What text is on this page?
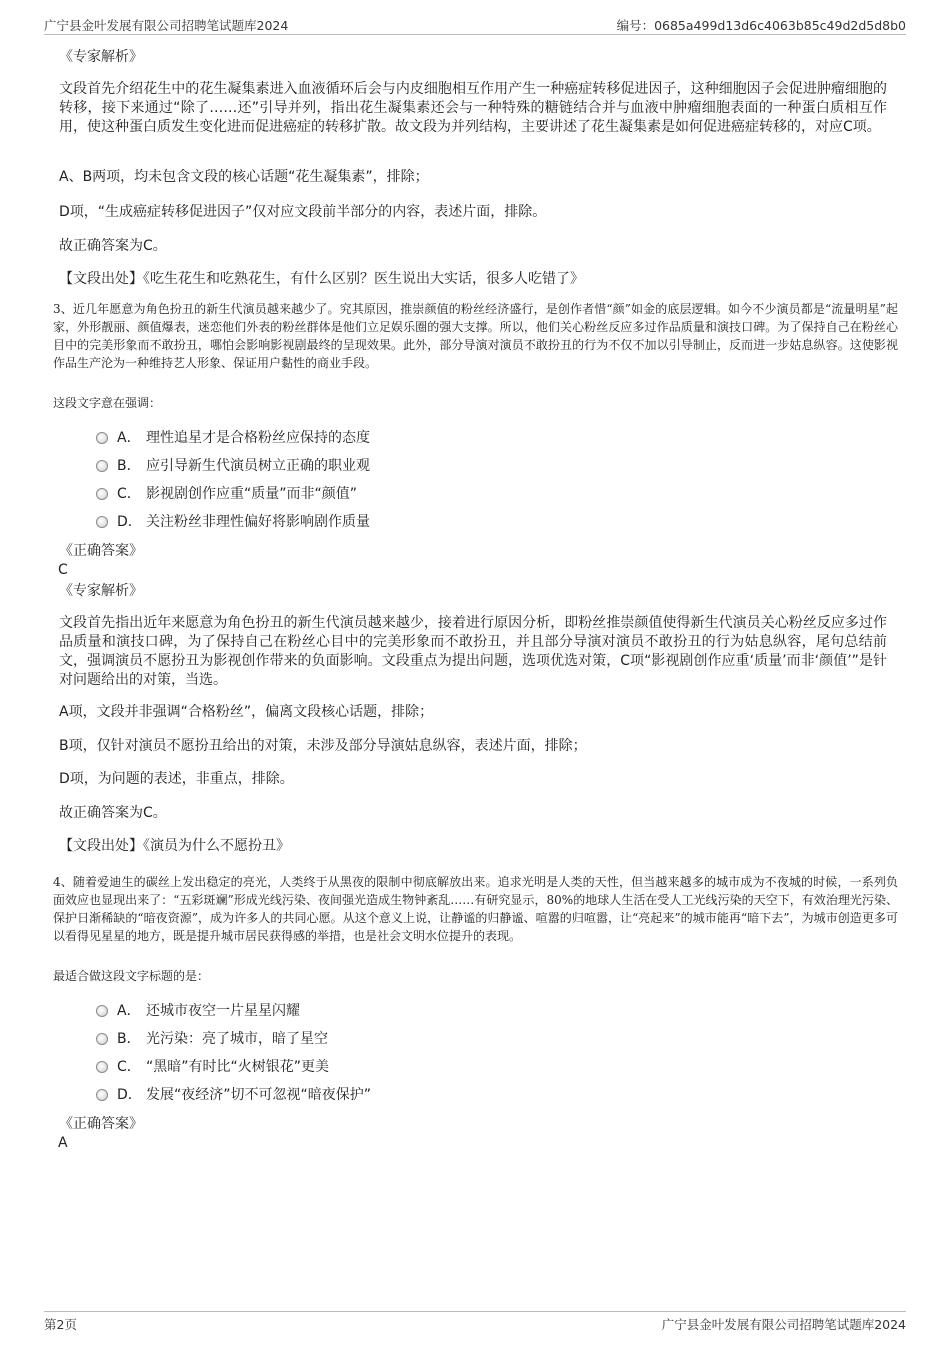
广宁县金叶发展有限公司招聘笔试题库2024	编号：0685a499d13d6c4063b85c49d2d5d8b0
《专家解析》
文段首先介绍花生中的花生凝集素进入血液循环后会与内皮细胞相互作用产生一种癌症转移促进因子，这种细胞因子会促进肿瘤细胞的转移，接下来通过“除了……还”引导并列，指出花生凝集素还会与一种特殊的糖链结合并与血液中肿瘤细胞表面的一种蛋白质相互作用，使这种蛋白质发生变化进而促进癌症的转移扩散。故文段为并列结构，主要讲述了花生凝集素是如何促进癌症转移的，对应C项。
A、B两项，均未包含文段的核心话题“花生凝集素”，排除；
D项，“生成癌症转移促进因子”仅对应文段前半部分的内容，表述片面，排除。
故正确答案为C。
【文段出处】《吃生花生和吃熟花生，有什么区别？医生说出大实话，很多人吃错了》
3、近几年愿意为角色扮丑的新生代演员越来越少了。究其原因，推崇颜值的粉丝经济盛行，是创作者惜“颜”如金的底层逻辑。如今不少演员都是“流量明星”起家，外形靓丽、颜值爆表，迷恋他们外表的粉丝群体是他们立足娱乐圈的强大支撑。所以，他们关心粉丝反应多过作品质量和演技口碑。为了保持自己在粉丝心目中的完美形象而不敢扮丑，哪怕会影响影视剧最终的呈现效果。此外，部分导演对演员不敢扮丑的行为不仅不加以引导制止，反而进一步姑息纵容。这使影视作品生产沦为一种维持艺人形象、保证用户黏性的商业手段。
这段文字意在强调：
A． 理性追星才是合格粉丝应保持的态度
B． 应引导新生代演员树立正确的职业观
C． 影视剧创作应重“质量”而非“颜值”
D． 关注粉丝非理性偏好将影响剧作质量
《正确答案》
C
《专家解析》
文段首先指出近年来愿意为角色扮丑的新生代演员越来越少，接着进行原因分析，即粉丝推崇颜值使得新生代演员关心粉丝反应多过作品质量和演技口碑，为了保持自己在粉丝心目中的完美形象而不敢扮丑，并且部分导演对演员不敢扮丑的行为姑息纵容，尾句总结前文，强调演员不愿扮丑为影视创作带来的负面影响。文段重点为提出问题，选项优选对策，C项“影视剧创作应重‘质量’而非‘颜值’”是针对问题给出的对策，当选。
A项，文段并非强调“合格粉丝”，偏离文段核心话题，排除；
B项，仅针对演员不愿扮丑给出的对策，未涉及部分导演姑息纵容，表述片面，排除；
D项，为问题的表述，非重点，排除。
故正确答案为C。
【文段出处】《演员为什么不愿扮丑》
4、随着爱迪生的碳丝上发出稳定的亮光，人类终于从黑夜的限制中彻底解放出来。追求光明是人类的天性，但当越来越多的城市成为不夜城的时候，一系列负面效应也显现出来了：“五彩斑斓”形成光线污染、夜间强光造成生物钟紊乱……有研究显示，80%的地球人生活在受人工光线污染的天空下，有效治理光污染、保护日渐稀缺的“暗夜资源”，成为许多人的共同心愿。从这个意义上说，让静谧的归静谧、喧嚣的归喧嚣，让“亮起来”的城市能再“暗下去”，为城市创造更多可以看得见星星的地方，既是提升城市居民获得感的举措，也是社会文明水位提升的表现。
最适合做这段文字标题的是：
A． 还城市夜空一片星星闪耀
B． 光污染：亮了城市，暗了星空
C． “黑暗”有时比“火树银花”更美
D． 发展“夜经济”切不可忽视“暗夜保护”
《正确答案》
A
第2页	广宁县金叶发展有限公司招聘笔试题库2024
